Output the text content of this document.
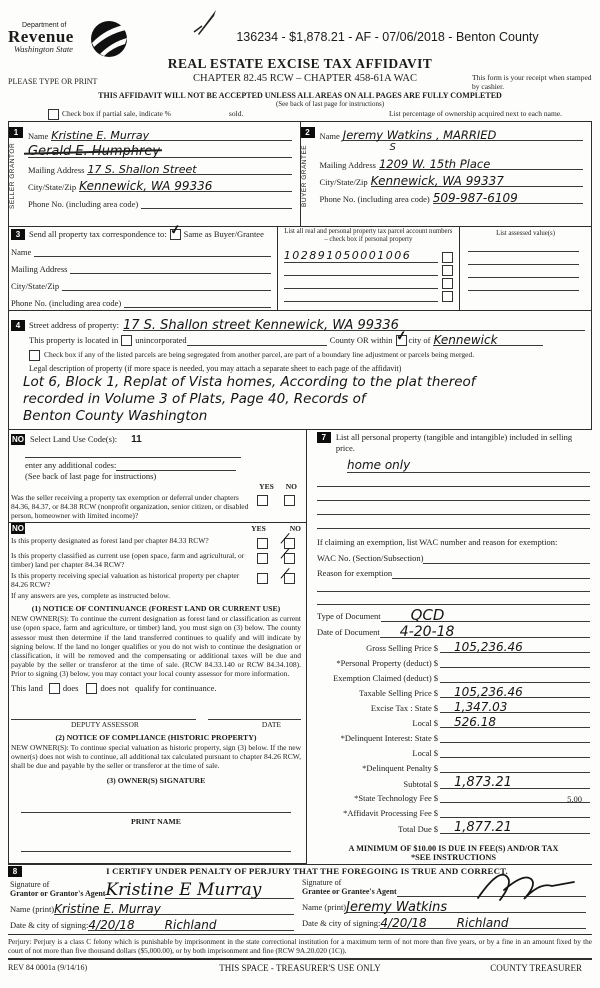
Department of
Revenue
Washington State
136234 - $1,878.21 - AF - 07/06/2018 - Benton County
REAL ESTATE EXCISE TAX AFFIDAVIT
PLEASE TYPE OR PRINT	CHAPTER 82.45 RCW – CHAPTER 458-61A WAC	This form is your receipt when stamped by cashier.
THIS AFFIDAVIT WILL NOT BE ACCEPTED UNLESS ALL AREAS ON ALL PAGES ARE FULLY COMPLETED
(See back of last page for instructions)
Check box if partial sale, indicate %	sold.	List percentage of ownership acquired next to each name.
1
SELLER GRANTOR
Name Kristine E. Murray
Gerald E. Humphrey
Mailing Address 17 S. Shallon Street
City/State/Zip Kennewick, WA 99336
Phone No. (including area code)
2
BUYER GRANTEE
Name Jeremy Watkins , MARRIED
S
Mailing Address 1209 W. 15th Place
City/State/Zip Kennewick, WA 99337
Phone No. (including area code) 509-987-6109
3	Send all property tax correspondence to:
✓ Same as Buyer/Grantee
Name
Mailing Address
City/State/Zip
Phone No. (including area code)
List all real and personal property tax parcel account numbers – check box if personal property
102891050001006
List assessed value(s)
4	Street address of property: 17 S. Shallon street Kennewick, WA 99336
This property is located in unincorporated	County OR within ✓ city of Kennewick
Check box if any of the listed parcels are being segregated from another parcel, are part of a boundary line adjustment or parcels being merged.
Legal description of property (if more space is needed, you may attach a separate sheet to each page of the affidavit)
Lot 6, Block 1, Replat of Vista homes, According to the plat thereof
recorded in Volume 3 of Plats, Page 40, Records of
Benton County Washington
NO Select Land Use Code(s): 11
enter any additional codes:
(See back of last page for instructions)
YES NO
Was the seller receiving a property tax exemption or deferral under chapters 84.36, 84.37, or 84.38 RCW (nonprofit organization, senior citizen, or disabled person, homeowner with limited income)?
NO	YES	NO
Is this property designated as forest land per chapter 84.33 RCW?
Is this property classified as current use (open space, farm and agricultural, or timber) land per chapter 84.34 RCW?
Is this property receiving special valuation as historical property per chapter 84.26 RCW?
If any answers are yes, complete as instructed below.
(1) NOTICE OF CONTINUANCE (FOREST LAND OR CURRENT USE)
NEW OWNER(S): To continue the current designation as forest land or classification as current use (open space, farm and agriculture, or timber) land, you must sign on (3) below. The county assessor must then determine if the land transferred continues to qualify and will indicate by signing below. If the land no longer qualifies or you do not wish to continue the designation or classification, it will be removed and the compensating or additional taxes will be due and payable by the seller or transferor at the time of sale. (RCW 84.33.140 or RCW 84.34.108). Prior to signing (3) below, you may contact your local county assessor for more information.
This land does	does not qualify for continuance.
DEPUTY ASSESSOR	DATE
(2) NOTICE OF COMPLIANCE (HISTORIC PROPERTY)
NEW OWNER(S): To continue special valuation as historic property, sign (3) below. If the new owner(s) does not wish to continue, all additional tax calculated pursuant to chapter 84.26 RCW, shall be due and payable by the seller or transferor at the time of sale.
(3) OWNER(S) SIGNATURE
PRINT NAME
7	List all personal property (tangible and intangible) included in selling price.
home only
If claiming an exemption, list WAC number and reason for exemption:
WAC No. (Section/Subsection)
Reason for exemption
Type of Document	QCD
Date of Document	4-20-18
Gross Selling Price $	105,236.46
*Personal Property (deduct) $
Exemption Claimed (deduct) $
Taxable Selling Price $	105,236.46
Excise Tax : State $	1,347.03
Local $	526.18
*Delinquent Interest: State $
Local $
*Delinquent Penalty $
Subtotal $	1,873.21
*State Technology Fee $	5.00
*Affidavit Processing Fee $
Total Due $	1,877.21
A MINIMUM OF $10.00 IS DUE IN FEE(S) AND/OR TAX
*SEE INSTRUCTIONS
8	I CERTIFY UNDER PENALTY OF PERJURY THAT THE FOREGOING IS TRUE AND CORRECT.
Signature of
Grantor or Grantor's Agent Kristine E Murray
Name (print) Kristine E. Murray
Date & city of signing: 4/20/18	Richland
Signature of
Grantee or Grantee's Agent
Name (print) Jeremy Watkins
Date & city of signing: 4/20/18	Richland
Perjury: Perjury is a class C felony which is punishable by imprisonment in the state correctional institution for a maximum term of not more than five years, or by a fine in an amount fixed by the court of not more than five thousand dollars ($5,000.00), or by both imprisonment and fine (RCW 9A.20.020 (1C)).
REV 84 0001a (9/14/16)	THIS SPACE - TREASURER'S USE ONLY	COUNTY TREASURER
